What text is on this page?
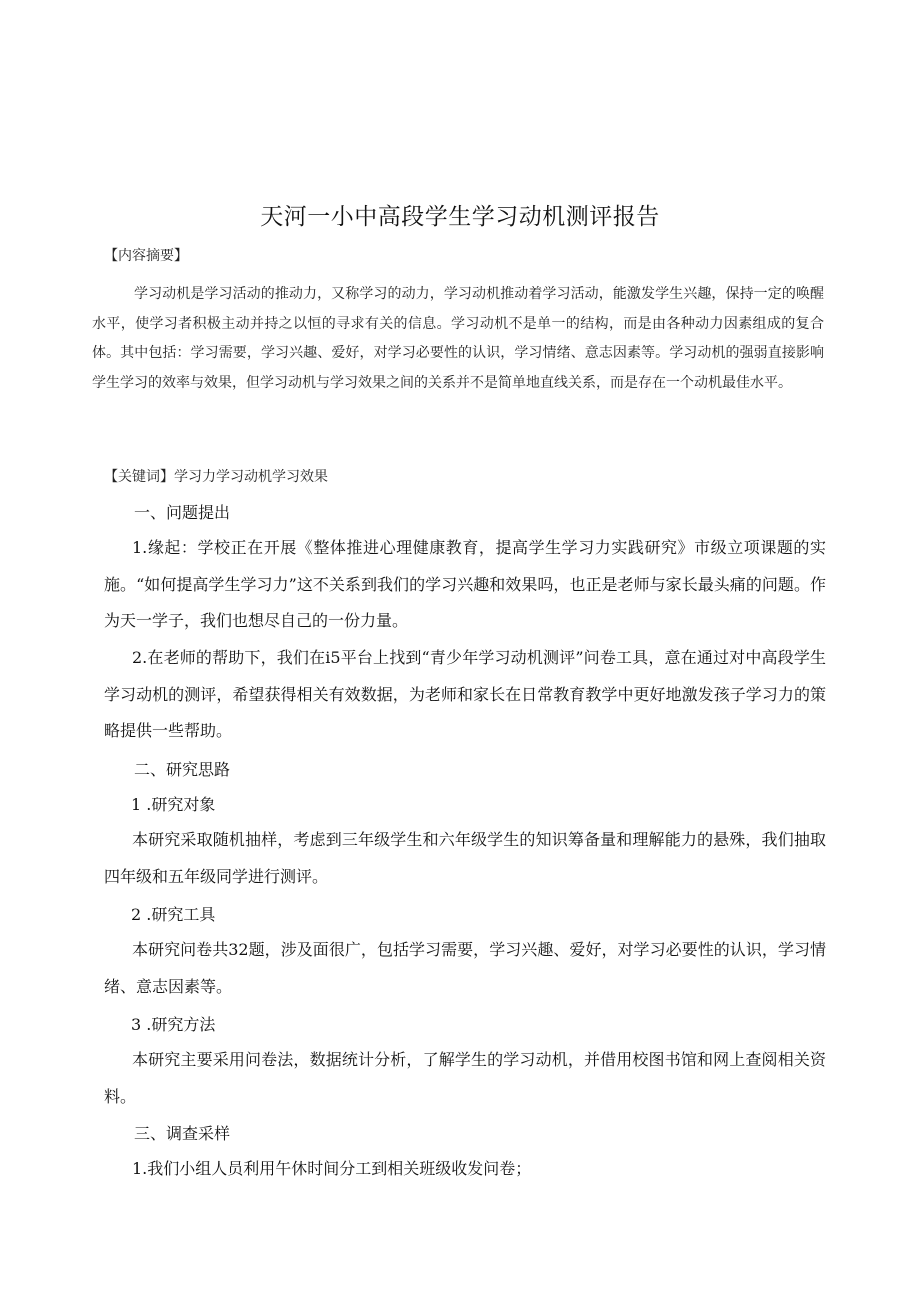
天河一小中高段学生学习动机测评报告
【内容摘要】
学习动机是学习活动的推动力，又称学习的动力，学习动机推动着学习活动，能激发学生兴趣，保持一定的唤醒水平，使学习者积极主动并持之以恒的寻求有关的信息。学习动机不是单一的结构，而是由各种动力因素组成的复合体。其中包括：学习需要，学习兴趣、爱好，对学习必要性的认识，学习情绪、意志因素等。学习动机的强弱直接影响学生学习的效率与效果，但学习动机与学习效果之间的关系并不是简单地直线关系，而是存在一个动机最佳水平。
【关键词】学习力学习动机学习效果
一、问题提出
1.缘起：学校正在开展《整体推进心理健康教育，提高学生学习力实践研究》市级立项课题的实施。“如何提高学生学习力”这不关系到我们的学习兴趣和效果吗，也正是老师与家长最头痛的问题。作为天一学子，我们也想尽自己的一份力量。
2.在老师的帮助下，我们在i5平台上找到“青少年学习动机测评”问卷工具，意在通过对中高段学生学习动机的测评，希望获得相关有效数据，为老师和家长在日常教育教学中更好地激发孩子学习力的策略提供一些帮助。
二、研究思路
1 .研究对象
本研究采取随机抽样，考虑到三年级学生和六年级学生的知识筹备量和理解能力的悬殊，我们抽取四年级和五年级同学进行测评。
2 .研究工具
本研究问卷共32题，涉及面很广，包括学习需要，学习兴趣、爱好，对学习必要性的认识，学习情绪、意志因素等。
3 .研究方法
本研究主要采用问卷法，数据统计分析，了解学生的学习动机，并借用校图书馆和网上查阅相关资料。
三、调查采样
1.我们小组人员利用午休时间分工到相关班级收发问卷；
